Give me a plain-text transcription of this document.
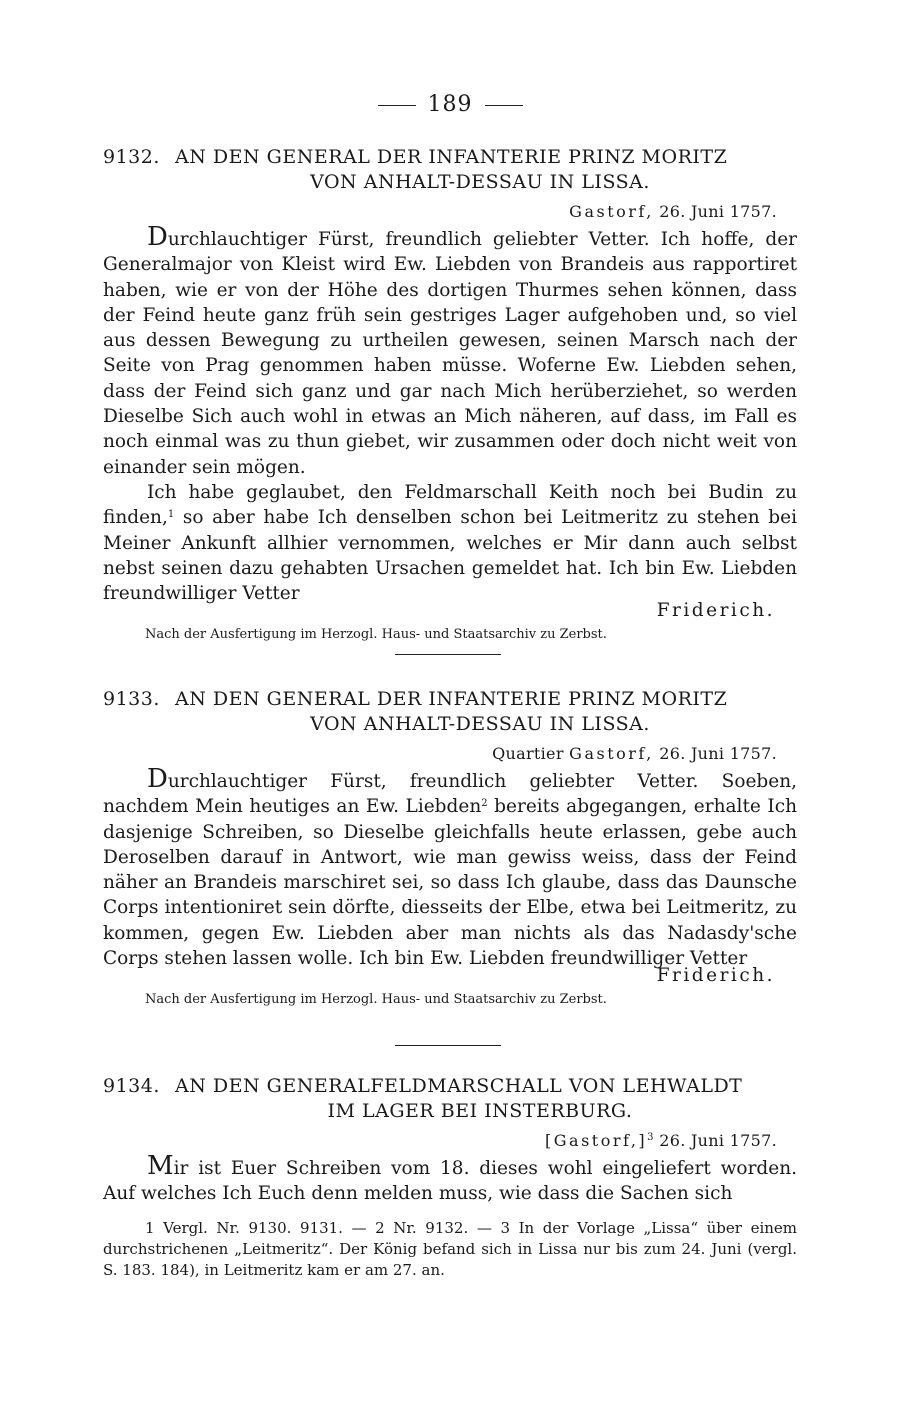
189
9132. AN DEN GENERAL DER INFANTERIE PRINZ MORITZ
VON ANHALT-DESSAU IN LISSA.
Gastorf, 26. Juni 1757.

Durchlauchtiger Fürst, freundlich geliebter Vetter. Ich hoffe, der Generalmajor von Kleist wird Ew. Liebden von Brandeis aus rapportiret haben, wie er von der Höhe des dortigen Thurmes sehen können, dass der Feind heute ganz früh sein gestriges Lager aufgehoben und, so viel aus dessen Bewegung zu urtheilen gewesen, seinen Marsch nach der Seite von Prag genommen haben müsse. Woferne Ew. Liebden sehen, dass der Feind sich ganz und gar nach Mich herüberziehet, so werden Dieselbe Sich auch wohl in etwas an Mich näheren, auf dass, im Fall es noch einmal was zu thun giebet, wir zusammen oder doch nicht weit von einander sein mögen.

Ich habe geglaubet, den Feldmarschall Keith noch bei Budin zu finden,$^1$ so aber habe Ich denselben schon bei Leitmeritz zu stehen bei Meiner Ankunft allhier vernommen, welches er Mir dann auch selbst nebst seinen dazu gehabten Ursachen gemeldet hat. Ich bin Ew. Liebden freundwilliger Vetter

Friderich.
Nach der Ausfertigung im Herzogl. Haus- und Staatsarchiv zu Zerbst.
9133. AN DEN GENERAL DER INFANTERIE PRINZ MORITZ
VON ANHALT-DESSAU IN LISSA.
Quartier Gastorf, 26. Juni 1757.

Durchlauchtiger Fürst, freundlich geliebter Vetter. Soeben, nachdem Mein heutiges an Ew. Liebden$^2$ bereits abgegangen, erhalte Ich dasjenige Schreiben, so Dieselbe gleichfalls heute erlassen, gebe auch Deroselben darauf in Antwort, wie man gewiss weiss, dass der Feind näher an Brandeis marschiret sei, so dass Ich glaube, dass das Daunsche Corps intentioniret sein dörfte, diesseits der Elbe, etwa bei Leitmeritz, zu kommen, gegen Ew. Liebden aber man nichts als das Nadasdy'sche Corps stehen lassen wolle. Ich bin Ew. Liebden freundwilliger Vetter

Friderich.
Nach der Ausfertigung im Herzogl. Haus- und Staatsarchiv zu Zerbst.
9134. AN DEN GENERALFELDMARSCHALL VON LEHWALDT
IM LAGER BEI INSTERBURG.
[Gastorf,]$^3$ 26. Juni 1757.

Mir ist Euer Schreiben vom 18. dieses wohl eingeliefert worden. Auf welches Ich Euch denn melden muss, wie dass die Sachen sich

1 Vergl. Nr. 9130. 9131. — 2 Nr. 9132. — 3 In der Vorlage „Lissa“ über einem durchstrichenen „Leitmeritz“. Der König befand sich in Lissa nur bis zum 24. Juni (vergl. S. 183. 184), in Leitmeritz kam er am 27. an.
